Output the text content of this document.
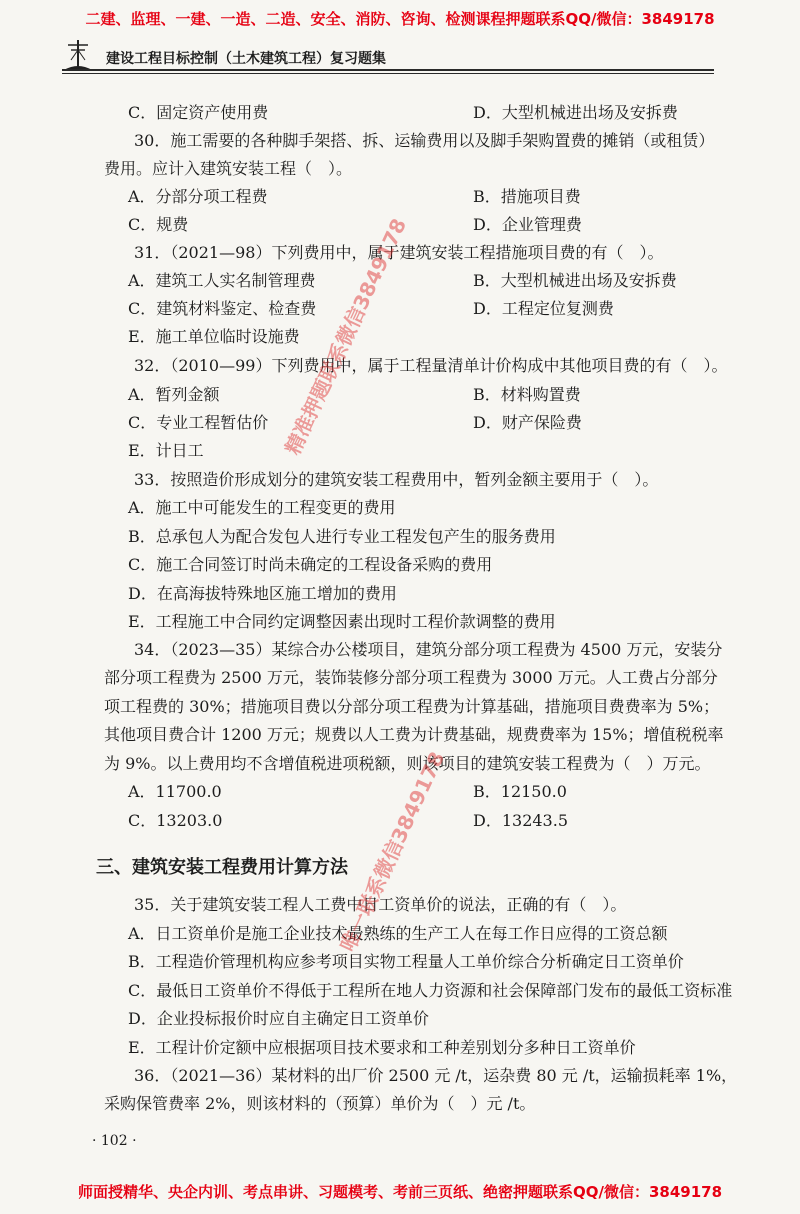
二建、监理、一建、一造、二造、安全、消防、咨询、检测课程押题联系QQ/微信：3849178
建设工程目标控制（土木建筑工程）复习题集
C．固定资产使用费	D．大型机械进出场及安拆费
30．施工需要的各种脚手架搭、拆、运输费用以及脚手架购置费的摊销（或租赁）
费用。应计入建筑安装工程（　）。
A．分部分项工程费	B．措施项目费
C．规费	D．企业管理费
31．（2021—98）下列费用中，属于建筑安装工程措施项目费的有（　）。
A．建筑工人实名制管理费	B．大型机械进出场及安拆费
C．建筑材料鉴定、检查费	D．工程定位复测费
E．施工单位临时设施费
32．（2010—99）下列费用中，属于工程量清单计价构成中其他项目费的有（　）。
A．暂列金额	B．材料购置费
C．专业工程暂估价	D．财产保险费
E．计日工
33．按照造价形成划分的建筑安装工程费用中，暂列金额主要用于（　）。
A．施工中可能发生的工程变更的费用
B．总承包人为配合发包人进行专业工程发包产生的服务费用
C．施工合同签订时尚未确定的工程设备采购的费用
D．在高海拔特殊地区施工增加的费用
E．工程施工中合同约定调整因素出现时工程价款调整的费用
34．（2023—35）某综合办公楼项目，建筑分部分项工程费为 4500 万元，安装分
部分项工程费为 2500 万元，装饰装修分部分项工程费为 3000 万元。人工费占分部分
项工程费的 30%；措施项目费以分部分项工程费为计算基础，措施项目费费率为 5%；
其他项目费合计 1200 万元；规费以人工费为计费基础，规费费率为 15%；增值税税率
为 9%。以上费用均不含增值税进项税额，则该项目的建筑安装工程费为（　）万元。
A．11700.0	B．12150.0
C．13203.0	D．13243.5
三、建筑安装工程费用计算方法
35．关于建筑安装工程人工费中日工资单价的说法，正确的有（　）。
A．日工资单价是施工企业技术最熟练的生产工人在每工作日应得的工资总额
B．工程造价管理机构应参考项目实物工程量人工单价综合分析确定日工资单价
C．最低日工资单价不得低于工程所在地人力资源和社会保障部门发布的最低工资标准
D．企业投标报价时应自主确定日工资单价
E．工程计价定额中应根据项目技术要求和工种差别划分多种日工资单价
36．（2021—36）某材料的出厂价 2500 元 /t，运杂费 80 元 /t，运输损耗率 1%，
采购保管费率 2%，则该材料的（预算）单价为（　）元 /t。
精准押题联系微信3849178
唯一联系微信3849178
· 102 ·
师面授精华、央企内训、考点串讲、习题模考、考前三页纸、绝密押题联系QQ/微信：3849178
